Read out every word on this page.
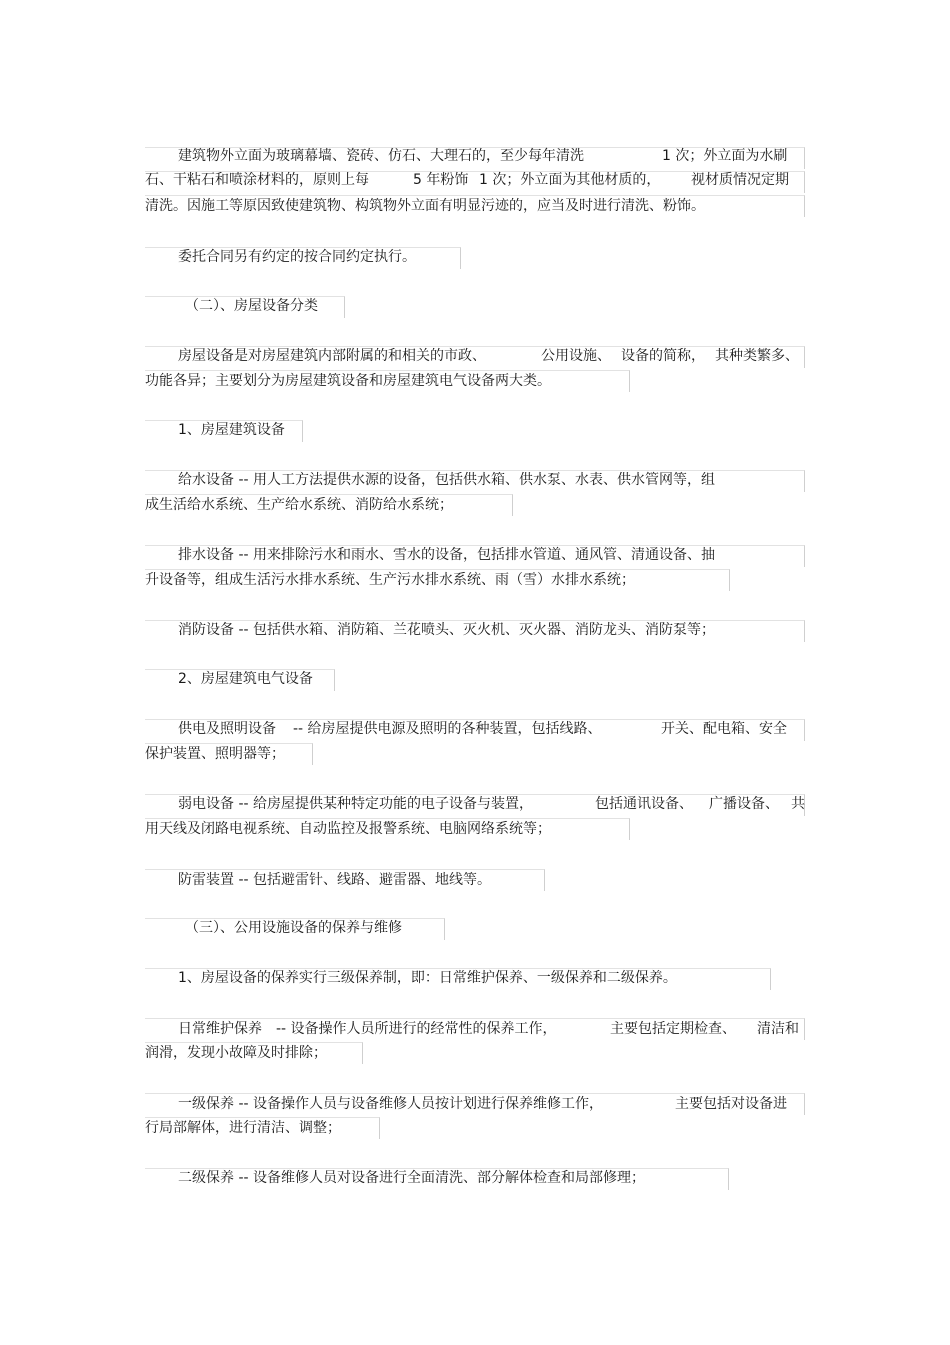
建筑物外立面为玻璃幕墙、瓷砖、仿石、大理石的，至少每年清洗	1 次；外立面为水刷
石、干粘石和喷涂材料的，原则上每	5 年粉饰 1 次；外立面为其他材质的， 视材质情况定期
清洗。因施工等原因致使建筑物、构筑物外立面有明显污迹的，应当及时进行清洗、粉饰。
委托合同另有约定的按合同约定执行。
（二）、房屋设备分类
房屋设备是对房屋建筑内部附属的和相关的市政、	公用设施、 设备的简称， 其种类繁多、
功能各异；主要划分为房屋建筑设备和房屋建筑电气设备两大类。
1、房屋建筑设备
给水设备 -- 用人工方法提供水源的设备，包括供水箱、供水泵、水表、供水管网等，组
成生活给水系统、生产给水系统、消防给水系统；
排水设备 -- 用来排除污水和雨水、雪水的设备，包括排水管道、通风管、清通设备、抽
升设备等，组成生活污水排水系统、生产污水排水系统、雨（雪）水排水系统；
消防设备 -- 包括供水箱、消防箱、兰花喷头、灭火机、灭火器、消防龙头、消防泵等；
2、房屋建筑电气设备
供电及照明设备 -- 给房屋提供电源及照明的各种装置，包括线路、	开关、配电箱、安全
保护装置、照明器等；
弱电设备 -- 给房屋提供某种特定功能的电子设备与装置，	包括通讯设备、 广播设备、 共
用天线及闭路电视系统、自动监控及报警系统、电脑网络系统等；
防雷装置 -- 包括避雷针、线路、避雷器、地线等。
（三）、公用设施设备的保养与维修
1、房屋设备的保养实行三级保养制，即：日常维护保养、一级保养和二级保养。
日常维护保养 -- 设备操作人员所进行的经常性的保养工作，	主要包括定期检查、 清洁和
润滑，发现小故障及时排除；
一级保养 -- 设备操作人员与设备维修人员按计划进行保养维修工作，	主要包括对设备进
行局部解体，进行清洁、调整；
二级保养 -- 设备维修人员对设备进行全面清洗、部分解体检查和局部修理；
